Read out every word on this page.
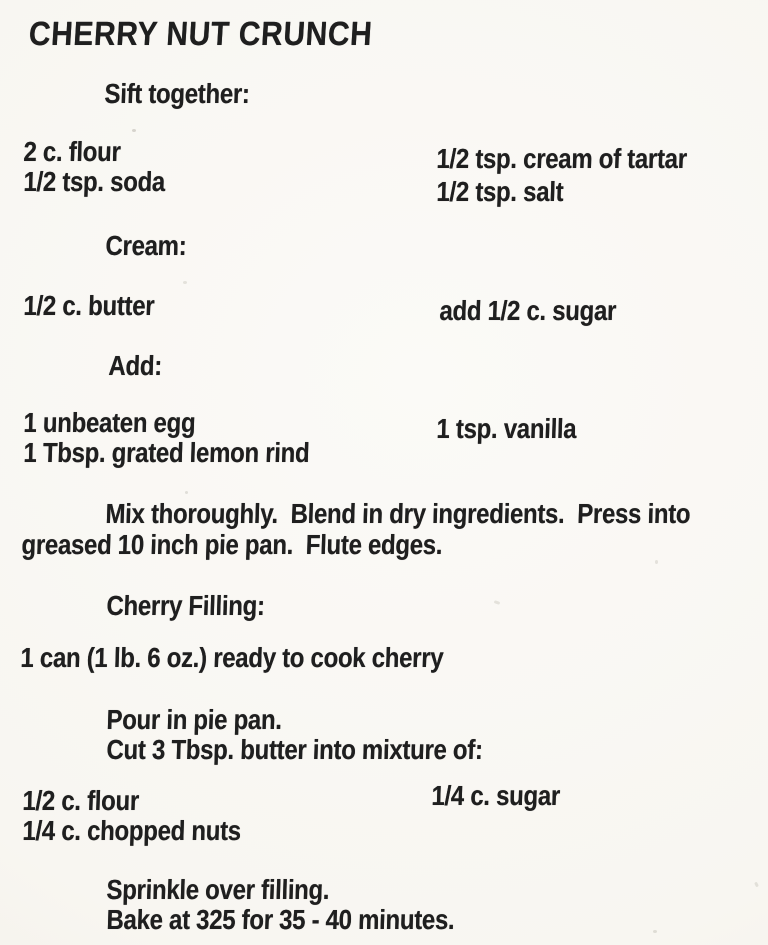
CHERRY NUT CRUNCH
Sift together:
2 c. flour	1/2 tsp. cream of tartar
1/2 tsp. soda	1/2 tsp. salt
Cream:
1/2 c. butter	add 1/2 c. sugar
Add:
1 unbeaten egg	1 tsp. vanilla
1 Tbsp. grated lemon rind
Mix thoroughly.  Blend in dry ingredients.  Press into
greased 10 inch pie pan.  Flute edges.
Cherry Filling:
1 can (1 lb. 6 oz.) ready to cook cherry
Pour in pie pan.
Cut 3 Tbsp. butter into mixture of:
1/2 c. flour	1/4 c. sugar
1/4 c. chopped nuts
Sprinkle over filling.
Bake at 325 for 35 - 40 minutes.
